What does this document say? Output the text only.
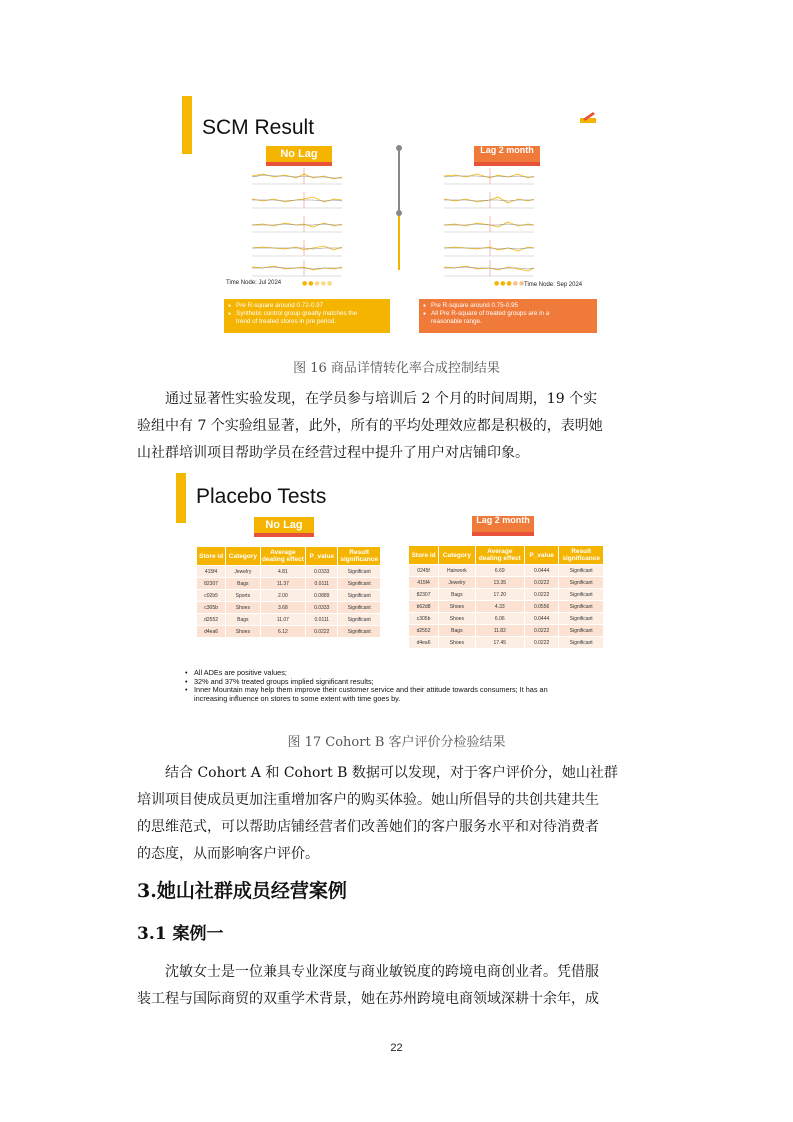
SCM Result
No Lag	Lag 2 month
Time Node: Jul 2024	●●●●●	●●●●●
Time Node: Sep 2024
● Pre R-square around 0.72-0.97
● Synthetic control group greatly matches the
trend of treated stores in pre period.
● Pre R-square around 0.75-0.95
● All Pre R-square of treated groups are in a
reasonable range.
图 16 商品详情转化率合成控制结果

通过显著性实验发现，在学员参与培训后 2 个月的时间周期，19 个实

验组中有 7 个实验组显著，此外，所有的平均处理效应都是积极的，表明她

山社群培训项目帮助学员在经营过程中提升了用户对店铺印象。

Placebo Tests
No Lag	Lag 2 month
Store id	Category	Average dealing effect	P_value	Result significance
415f4	Jewelry	4.81	0.0333	Significant
82307	Bags	11.37	0.0111	Significant
c02b5	Sports	2.00	0.0889	Significant
c305b	Shoes	3.68	0.0333	Significant
d2552	Bags	11.07	0.0111	Significant
d4ea6	Shoes	6.12	0.0222	Significant
Store id	Category	Average dealing effect	P_value	Result significance
0245f	Hairwork	6.69	0.0444	Significant
415f4	Jewelry	13.35	0.0222	Significant
82307	Bags	17.20	0.0222	Significant
b62d8	Shoes	4.33	0.0556	Significant
c305b	Shoes	6.06	0.0444	Significant
d2552	Bags	11.82	0.0222	Significant
d4ea6	Shoes	17.45	0.0222	Significant
• All ADEs are positive values;
• 32% and 37% treated groups implied significant results;
• Inner Mountain may help them improve their customer service and their attitude towards consumers; It has an
increasing influence on stores to some extent with time goes by.
图 17 Cohort B 客户评价分检验结果

结合 Cohort A 和 Cohort B 数据可以发现，对于客户评价分，她山社群

培训项目使成员更加注重增加客户的购买体验。她山所倡导的共创共建共生

的思维范式，可以帮助店铺经营者们改善她们的客户服务水平和对待消费者

的态度，从而影响客户评价。

3.她山社群成员经营案例
3.1 案例一

沈敏女士是一位兼具专业深度与商业敏锐度的跨境电商创业者。凭借服

装工程与国际商贸的双重学术背景，她在苏州跨境电商领域深耕十余年，成

22
